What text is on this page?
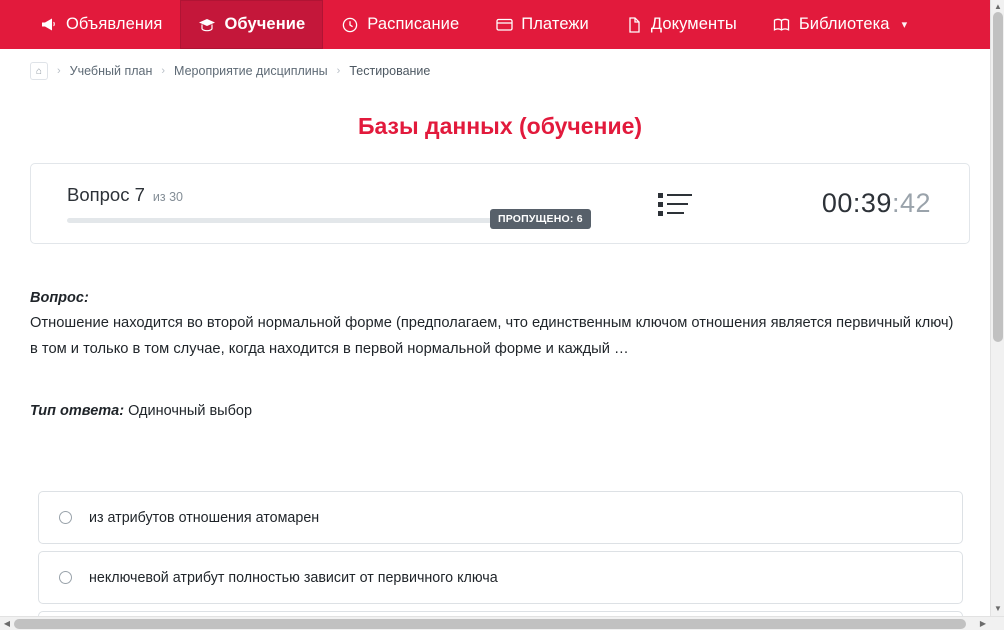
Объявления	Обучение	Расписание	Платежи	Документы	Библиотека ▾
⌂	› Учебный план › Мероприятие дисциплины › Тестирование
Базы данных (обучение)
Вопрос 7 из 30
ПРОПУЩЕНО: 6
00:39:42
Вопрос:
Отношение находится во второй нормальной форме (предполагаем, что единственным ключом отношения является первичный ключ) в том и только в том случае, когда находится в первой нормальной форме и каждый …
Тип ответа: Одиночный выбор
из атрибутов отношения атомарен
неключевой атрибут полностью зависит от первичного ключа
▲
▼
◀	▶
